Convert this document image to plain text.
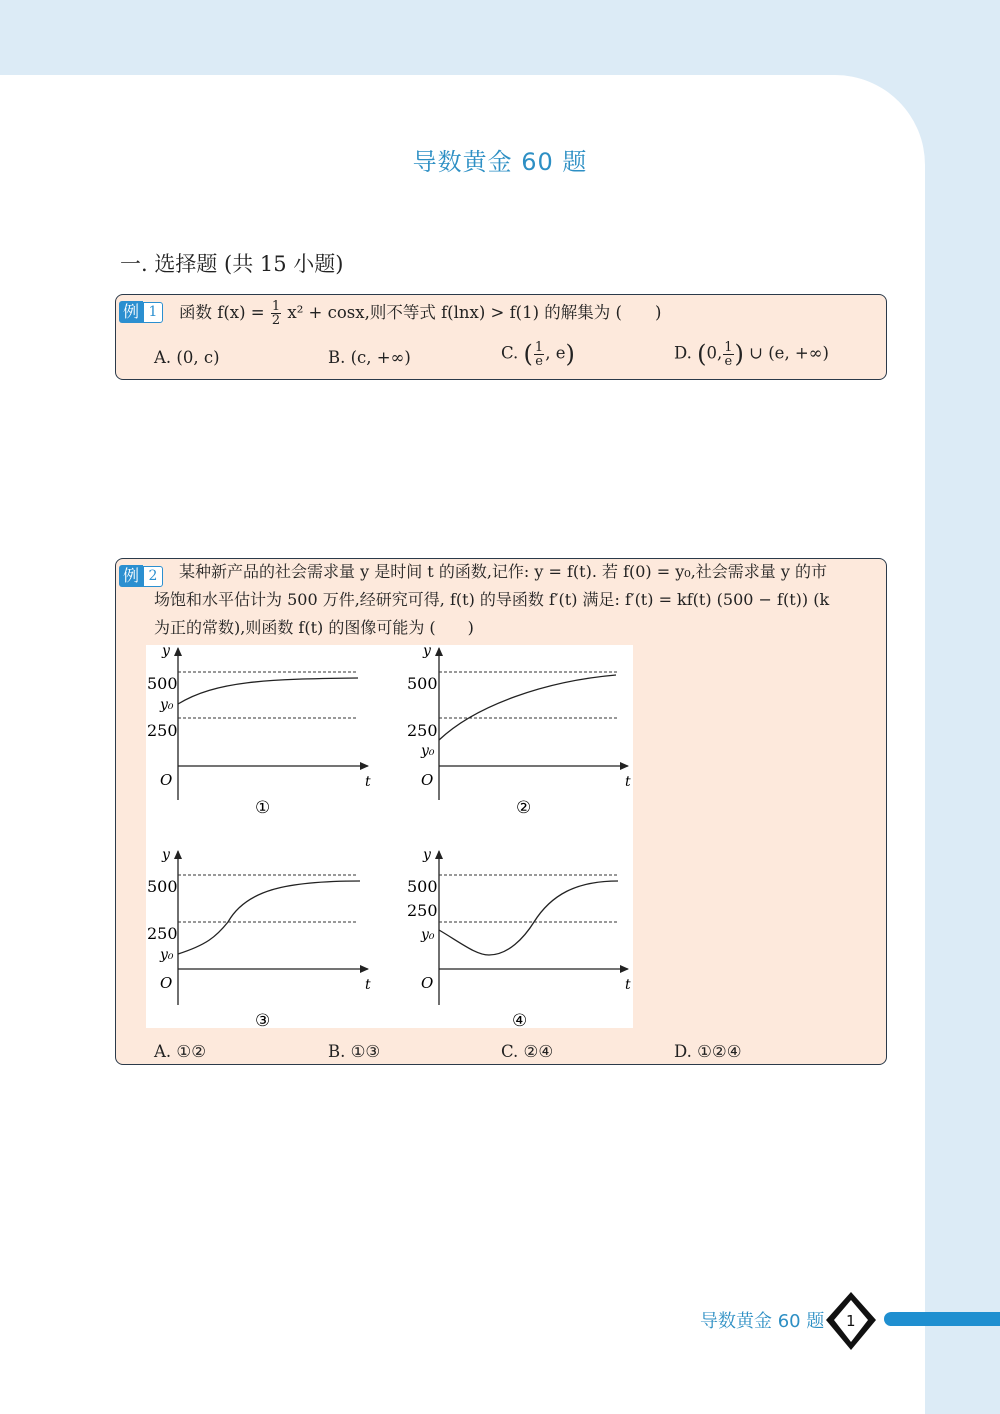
导数黄金 60 题
一. 选择题 (共 15 小题)
例 1	函数 $f(x) = \frac{1}{2} x^2 + \cos x$,则不等式 f(lnx) > f(1) 的解集为 (　　)
A. (0, c)	B. (c, +∞)	C. ( $\frac{1}{e}$ , e)	D. (0, $\frac{1}{e}$ ) ∪ (e, +∞)
例 2	某种新产品的社会需求量 y 是时间 t 的函数,记作: y = f(t). 若 f(0) = y₀,社会需求量 y 的市
场饱和水平估计为 500 万件,经研究可得, f(t) 的导函数 f′(t) 满足: f′(t) = kf(t) (500 − f(t)) (k
为正的常数),则函数 f(t) 的图像可能为 (　　)
A. ①②	B. ①③	C. ②④	D. ①②④
y
500
y₀
250
O	t
①
y
500
250
y₀
O	t
②
y
500
250
y₀
O	t
③
y
500
250
y₀
O	t
④
导数黄金 60 题 1
